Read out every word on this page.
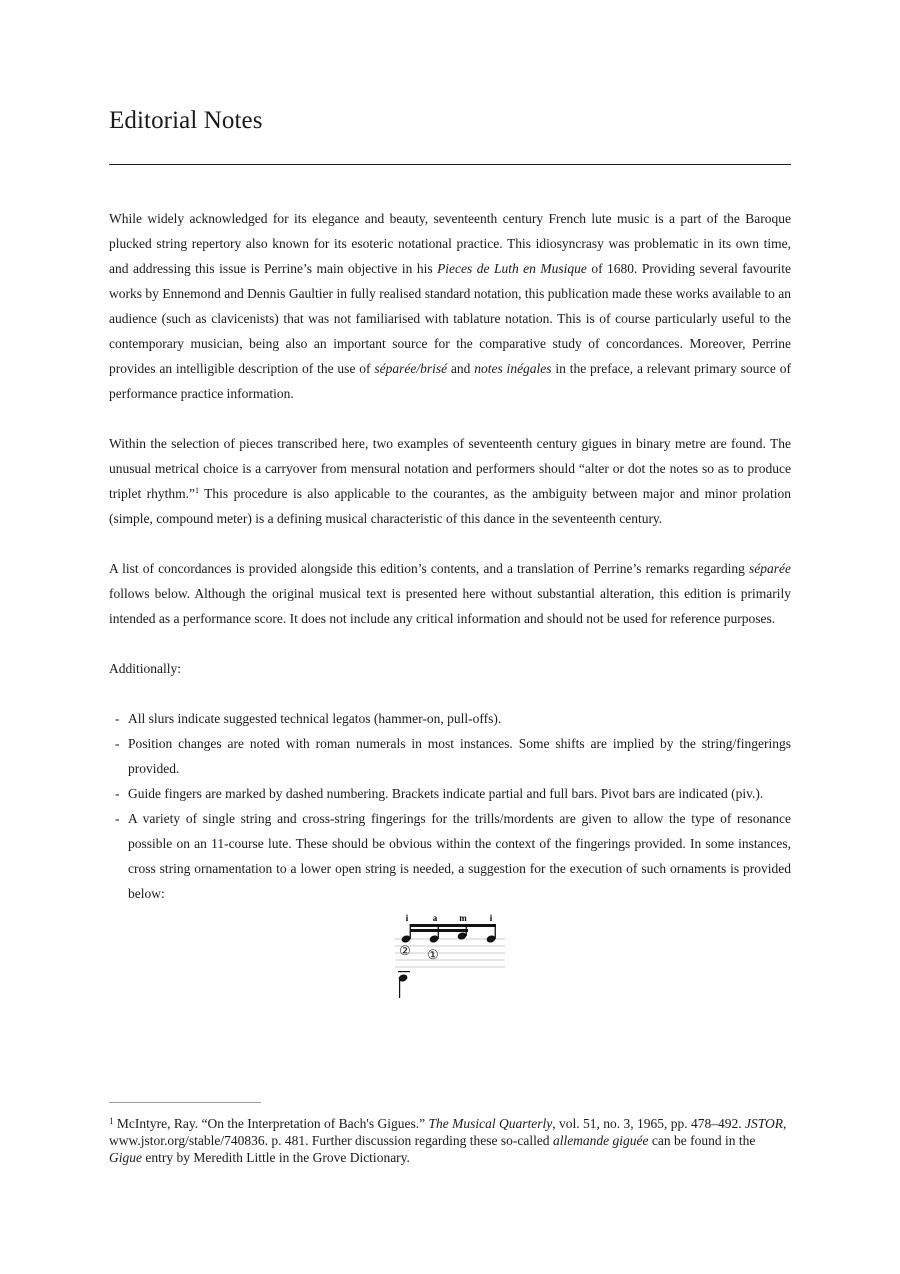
Editorial Notes

While widely acknowledged for its elegance and beauty, seventeenth century French lute music is a part of the Baroque plucked string repertory also known for its esoteric notational practice. This idiosyncrasy was problematic in its own time, and addressing this issue is Perrine’s main objective in his Pieces de Luth en Musique of 1680. Providing several favourite works by Ennemond and Dennis Gaultier in fully realised standard notation, this publication made these works available to an audience (such as clavicenists) that was not familiarised with tablature notation. This is of course particularly useful to the contemporary musician, being also an important source for the comparative study of concordances. Moreover, Perrine provides an intelligible description of the use of séparée/brisé and notes inégales in the preface, a relevant primary source of performance practice information.

Within the selection of pieces transcribed here, two examples of seventeenth century gigues in binary metre are found. The unusual metrical choice is a carryover from mensural notation and performers should “alter or dot the notes so as to produce triplet rhythm.”$^1$ This procedure is also applicable to the courantes, as the ambiguity between major and minor prolation (simple, compound meter) is a defining musical characteristic of this dance in the seventeenth century.

A list of concordances is provided alongside this edition’s contents, and a translation of Perrine’s remarks regarding séparée follows below. Although the original musical text is presented here without substantial alteration, this edition is primarily intended as a performance score. It does not include any critical information and should not be used for reference purposes.

Additionally:

- All slurs indicate suggested technical legatos (hammer-on, pull-offs).
- Position changes are noted with roman numerals in most instances. Some shifts are implied by the string/fingerings provided.
- Guide fingers are marked by dashed numbering. Brackets indicate partial and full bars. Pivot bars are indicated (piv.).
- A variety of single string and cross-string fingerings for the trills/mordents are given to allow the type of resonance possible on an 11-course lute. These should be obvious within the context of the fingerings provided. In some instances, cross string ornamentation to a lower open string is needed, a suggestion for the execution of such ornaments is provided below:
i	a m	i
② ①
$^1$ McIntyre, Ray. “On the Interpretation of Bach's Gigues.” The Musical Quarterly, vol. 51, no. 3, 1965, pp. 478–492. JSTOR, www.jstor.org/stable/740836. p. 481. Further discussion regarding these so-called allemande giguée can be found in the Gigue entry by Meredith Little in the Grove Dictionary.
